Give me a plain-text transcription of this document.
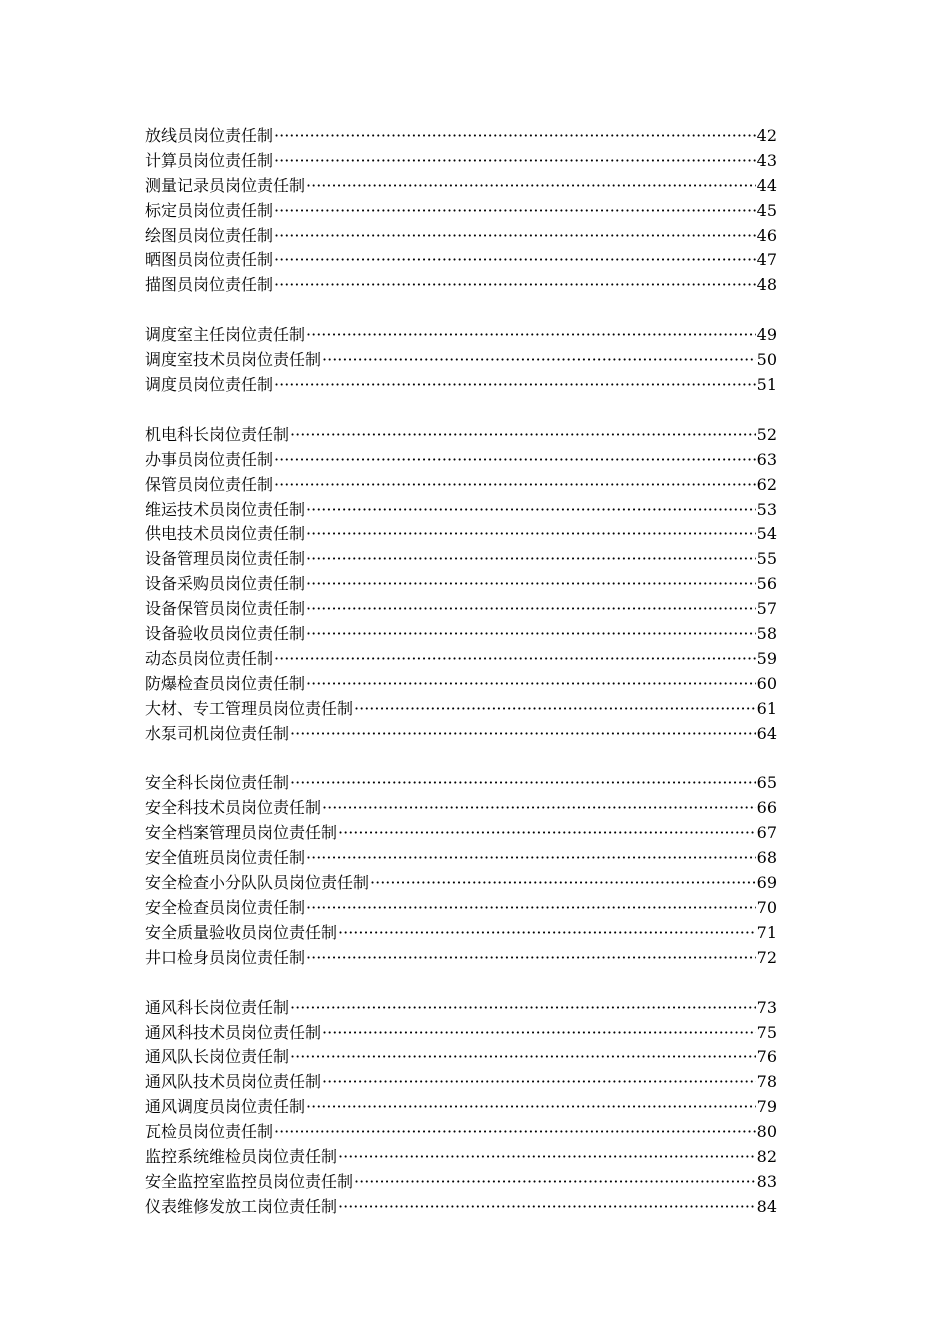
放线员岗位责任制 ·····	42
计算员岗位责任制 ·····	43
测量记录员岗位责任制 ·····	44
标定员岗位责任制 ·····	45
绘图员岗位责任制 ·····	46
晒图员岗位责任制 ·····	47
描图员岗位责任制 ·····	48
调度室主任岗位责任制 ·····	49
调度室技术员岗位责任制 ·····	50
调度员岗位责任制 ·····	51
机电科长岗位责任制 ·····	52
办事员岗位责任制 ·····	63
保管员岗位责任制 ·····	62
维运技术员岗位责任制 ·····	53
供电技术员岗位责任制 ·····	54
设备管理员岗位责任制 ·····	55
设备采购员岗位责任制 ·····	56
设备保管员岗位责任制 ·····	57
设备验收员岗位责任制 ·····	58
动态员岗位责任制 ·····	59
防爆检查员岗位责任制 ·····	60
大材、专工管理员岗位责任制 ·····	61
水泵司机岗位责任制 ·····	64
安全科长岗位责任制 ·····	65
安全科技术员岗位责任制 ·····	66
安全档案管理员岗位责任制 ·····	67
安全值班员岗位责任制 ·····	68
安全检查小分队队员岗位责任制 ·····	69
安全检查员岗位责任制 ·····	70
安全质量验收员岗位责任制 ·····	71
井口检身员岗位责任制 ·····	72
通风科长岗位责任制 ·····	73
通风科技术员岗位责任制 ·····	75
通风队长岗位责任制 ·····	76
通风队技术员岗位责任制 ·····	78
通风调度员岗位责任制 ·····	79
瓦检员岗位责任制 ·····	80
监控系统维检员岗位责任制 ·····	82
安全监控室监控员岗位责任制 ·····	83
仪表维修发放工岗位责任制 ·····	84
